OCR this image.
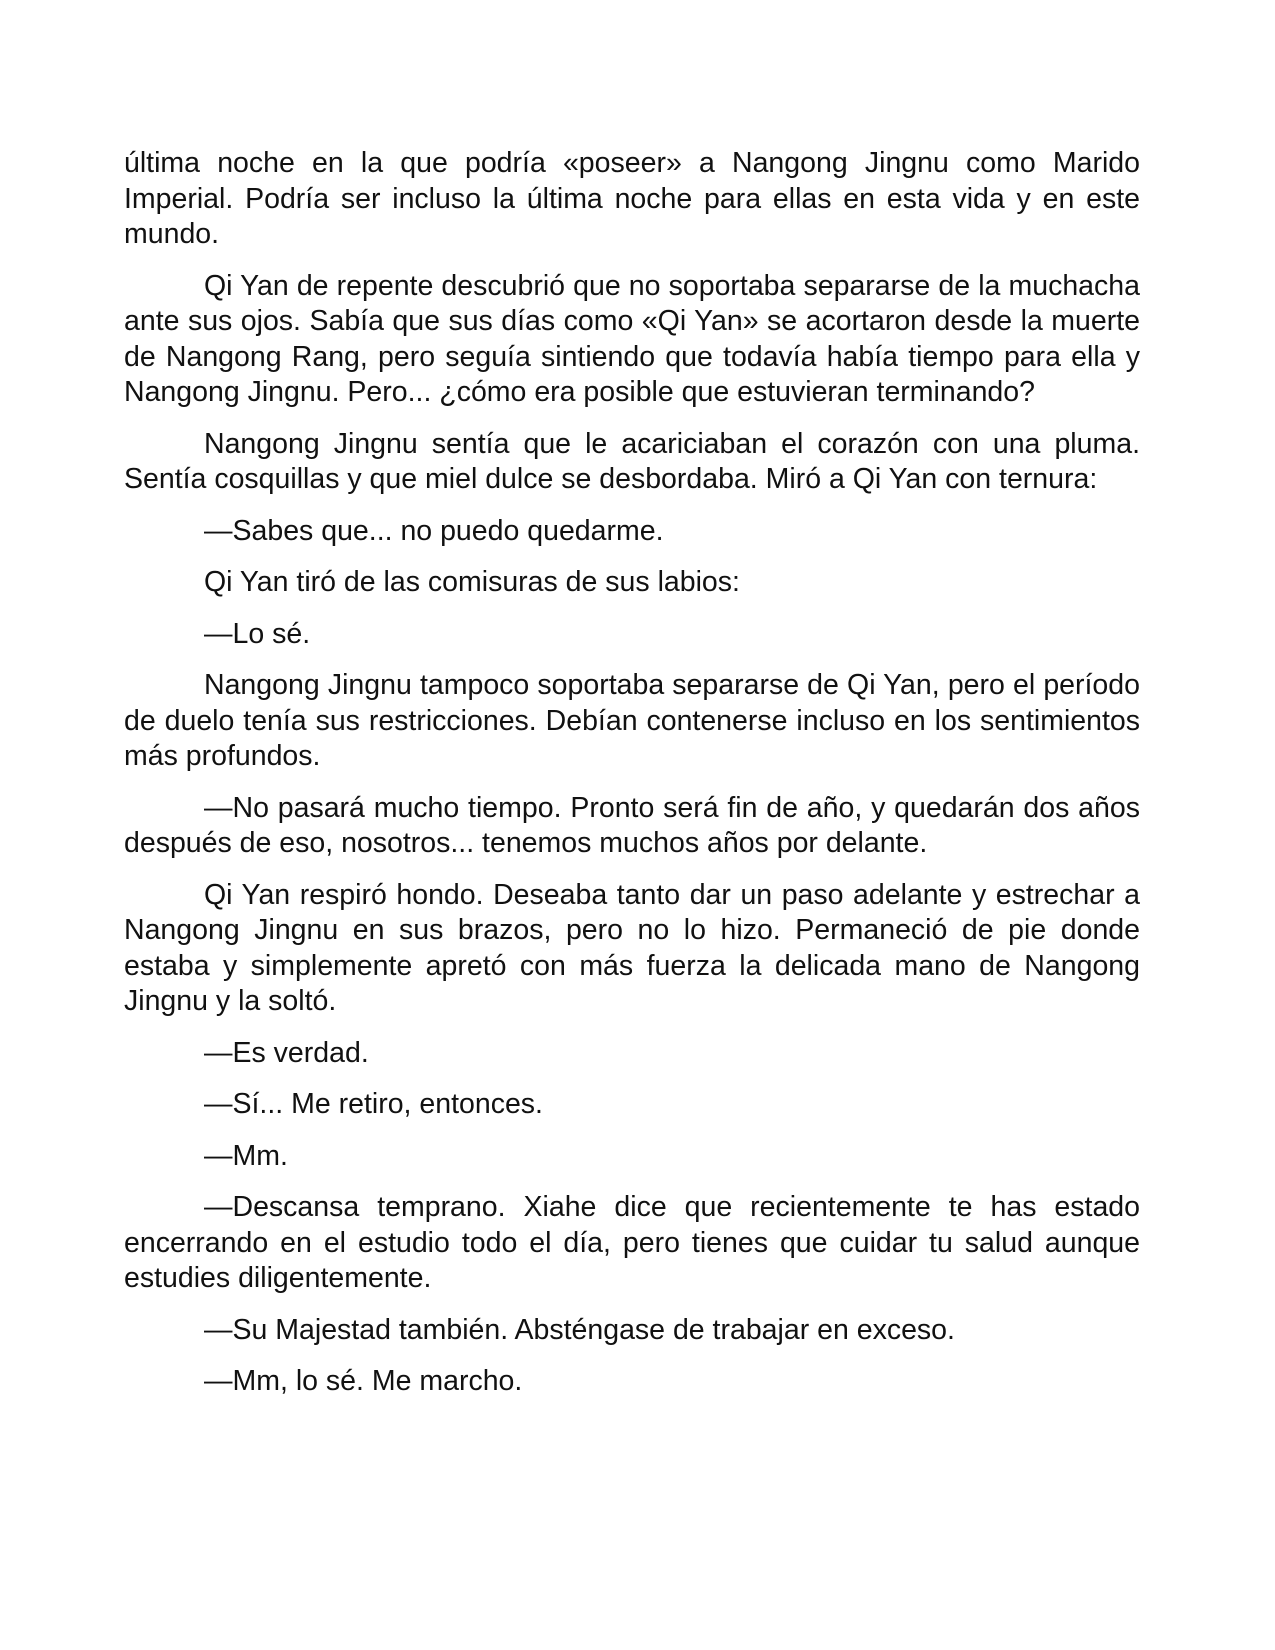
última noche en la que podría «poseer» a Nangong Jingnu como Marido Imperial. Podría ser incluso la última noche para ellas en esta vida y en este mundo.

Qi Yan de repente descubrió que no soportaba separarse de la muchacha ante sus ojos. Sabía que sus días como «Qi Yan» se acortaron desde la muerte de Nangong Rang, pero seguía sintiendo que todavía había tiempo para ella y Nangong Jingnu. Pero... ¿cómo era posible que estuvieran terminando?

Nangong Jingnu sentía que le acariciaban el corazón con una pluma. Sentía cosquillas y que miel dulce se desbordaba. Miró a Qi Yan con ternura:

—Sabes que... no puedo quedarme.

Qi Yan tiró de las comisuras de sus labios:

—Lo sé.

Nangong Jingnu tampoco soportaba separarse de Qi Yan, pero el período de duelo tenía sus restricciones. Debían contenerse incluso en los sentimientos más profundos.

—No pasará mucho tiempo. Pronto será fin de año, y quedarán dos años después de eso, nosotros... tenemos muchos años por delante.

Qi Yan respiró hondo. Deseaba tanto dar un paso adelante y estrechar a Nangong Jingnu en sus brazos, pero no lo hizo. Permaneció de pie donde estaba y simplemente apretó con más fuerza la delicada mano de Nangong Jingnu y la soltó.

—Es verdad.

—Sí... Me retiro, entonces.

—Mm.

—Descansa temprano. Xiahe dice que recientemente te has estado encerrando en el estudio todo el día, pero tienes que cuidar tu salud aunque estudies diligentemente.

—Su Majestad también. Absténgase de trabajar en exceso.

—Mm, lo sé. Me marcho.
